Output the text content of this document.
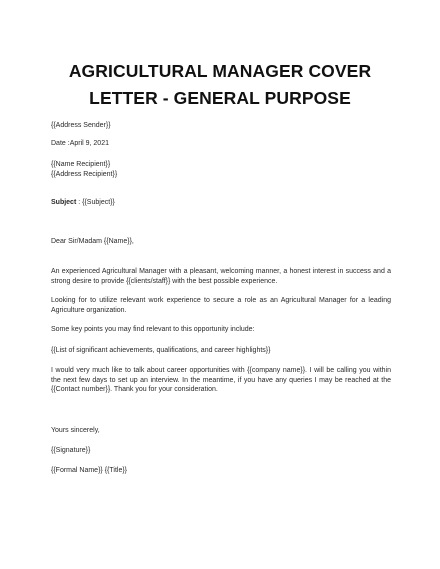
AGRICULTURAL MANAGER COVER LETTER - GENERAL PURPOSE

{{Address Sender}}

Date :April 9, 2021

{{Name Recipient}}

{{Address Recipient}}

Subject : {{Subject}}

Dear Sir/Madam {{Name}},

An experienced Agricultural Manager with a pleasant, welcoming manner, a honest interest in success and a strong desire to provide {{clients/staff}} with the best possible experience.

Looking for to utilize relevant work experience to secure a role as an Agricultural Manager for a leading Agriculture organization.

Some key points you may find relevant to this opportunity include:

{{List of significant achievements, qualifications, and career highlights}}

I would very much like to talk about career opportunities with {{company name}}. I will be calling you within the next few days to set up an interview. In the meantime, if you have any queries I may be reached at the {{Contact number}}. Thank you for your consideration.

Yours sincerely,

{{Signature}}

{{Formal Name}} {{Title}}
